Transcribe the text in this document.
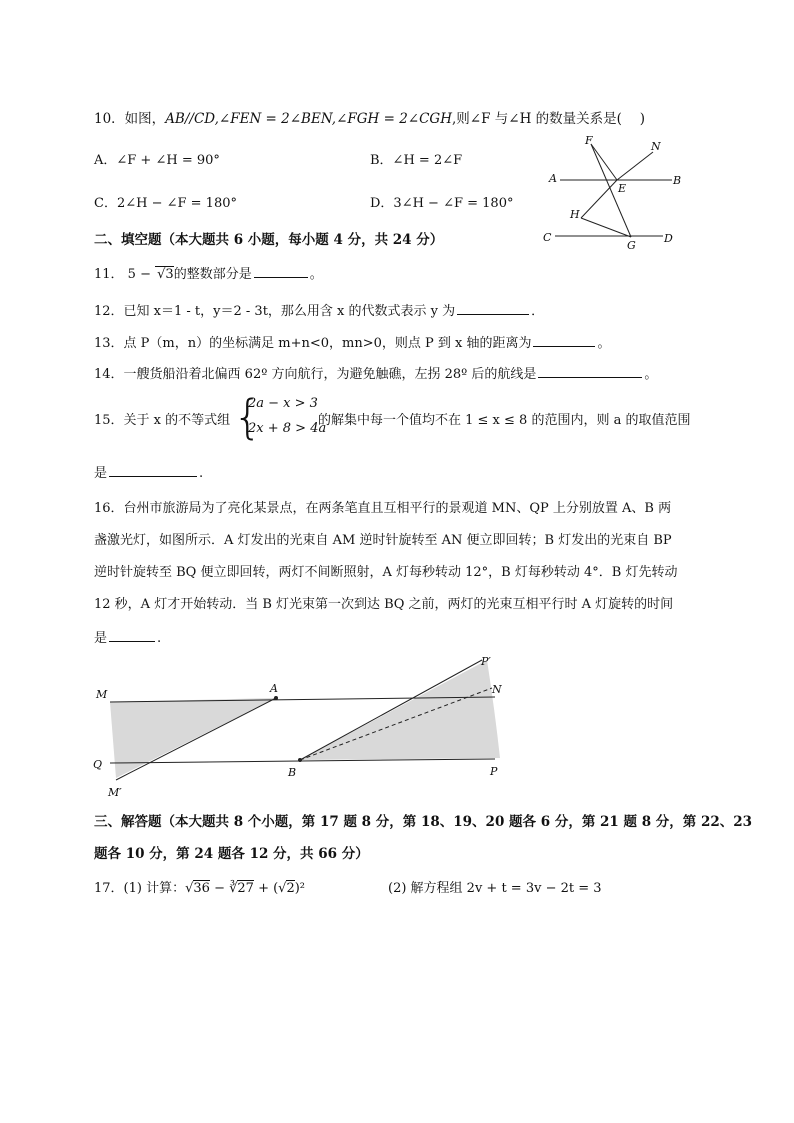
10．如图，AB//CD,∠FEN = 2∠BEN,∠FGH = 2∠CGH,则∠F 与∠H 的数量关系是(　 )
A．∠F + ∠H = 90°	B．∠H = 2∠F
C．2∠H − ∠F = 180°	D．3∠H − ∠F = 180°
F	N
A
E
B
H
C
G
D
二、填空题（本大题共 6 小题，每小题 4 分，共 24 分）
11． 5 − √3的整数部分是	。
12．已知 x＝1 - t，y＝2 - 3t，那么用含 x 的代数式表示 y 为	．
13．点 P（m，n）的坐标满足 m+n<0，mn>0，则点 P 到 x 轴的距离为	。
14．一艘货船沿着北偏西 62º 方向航行，为避免触礁，左拐 28º 后的航线是	。
15．关于 x 的不等式组 {
2a − x > 3
2x + 8 > 4a
的解集中每一个值均不在 1 ≤ x ≤ 8 的范围内，则 a 的取值范围
是	.
16．台州市旅游局为了亮化某景点，在两条笔直且互相平行的景观道 MN、QP 上分别放置 A、B 两
盏激光灯，如图所示．A 灯发出的光束自 AM 逆时针旋转至 AN 便立即回转；B 灯发出的光束自 BP
逆时针旋转至 BQ 便立即回转，两灯不间断照射，A 灯每秒转动 12°，B 灯每秒转动 4°．B 灯先转动
12 秒，A 灯才开始转动．当 B 灯光束第一次到达 BQ 之前，两灯的光束互相平行时 A 灯旋转的时间
是	.
M	A
P′
N
Q
B	P
M′
三、解答题（本大题共 8 个小题，第 17 题 8 分，第 18、19、20 题各 6 分，第 21 题 8 分，第 22、23
题各 10 分，第 24 题各 12 分，共 66 分）
17．(1) 计算：√36 − ∛27 + (√2)²	(2) 解方程组 2v + t = 3v − 2t = 3
